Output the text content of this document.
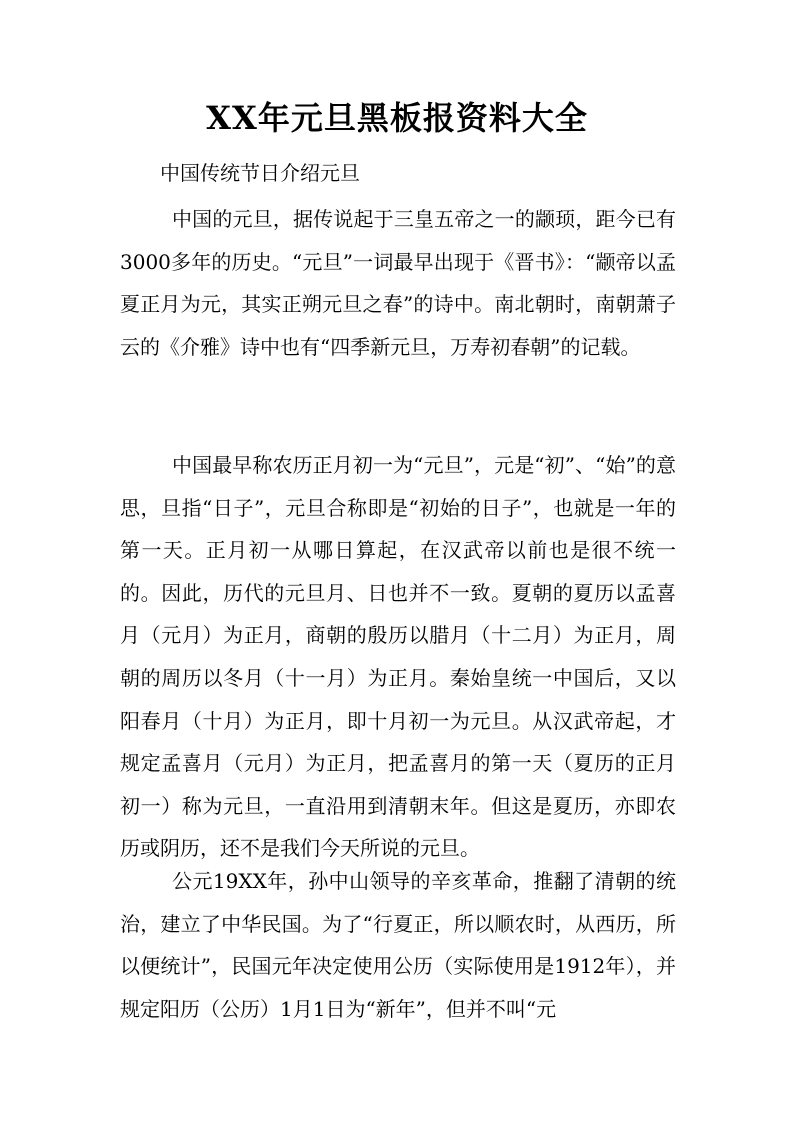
XX年元旦黑板报资料大全
中国传统节日介绍元旦

中国的元旦，据传说起于三皇五帝之一的颛顼，距今已有3000多年的历史。“元旦”一词最早出现于《晋书》：“颛帝以孟夏正月为元，其实正朔元旦之春”的诗中。南北朝时，南朝萧子云的《介雅》诗中也有“四季新元旦，万寿初春朝”的记载。

中国最早称农历正月初一为“元旦”，元是“初”、“始”的意思，旦指“日子”，元旦合称即是“初始的日子”，也就是一年的第一天。正月初一从哪日算起，在汉武帝以前也是很不统一的。因此，历代的元旦月、日也并不一致。夏朝的夏历以孟喜月（元月）为正月，商朝的殷历以腊月（十二月）为正月，周朝的周历以冬月（十一月）为正月。秦始皇统一中国后，又以阳春月（十月）为正月，即十月初一为元旦。从汉武帝起，才规定孟喜月（元月）为正月，把孟喜月的第一天（夏历的正月初一）称为元旦，一直沿用到清朝末年。但这是夏历，亦即农历或阴历，还不是我们今天所说的元旦。

公元19XX年，孙中山领导的辛亥革命，推翻了清朝的统治，建立了中华民国。为了“行夏正，所以顺农时，从西历，所以便统计”，民国元年决定使用公历（实际使用是1912年），并规定阳历（公历）1月1日为“新年”，但并不叫“元
